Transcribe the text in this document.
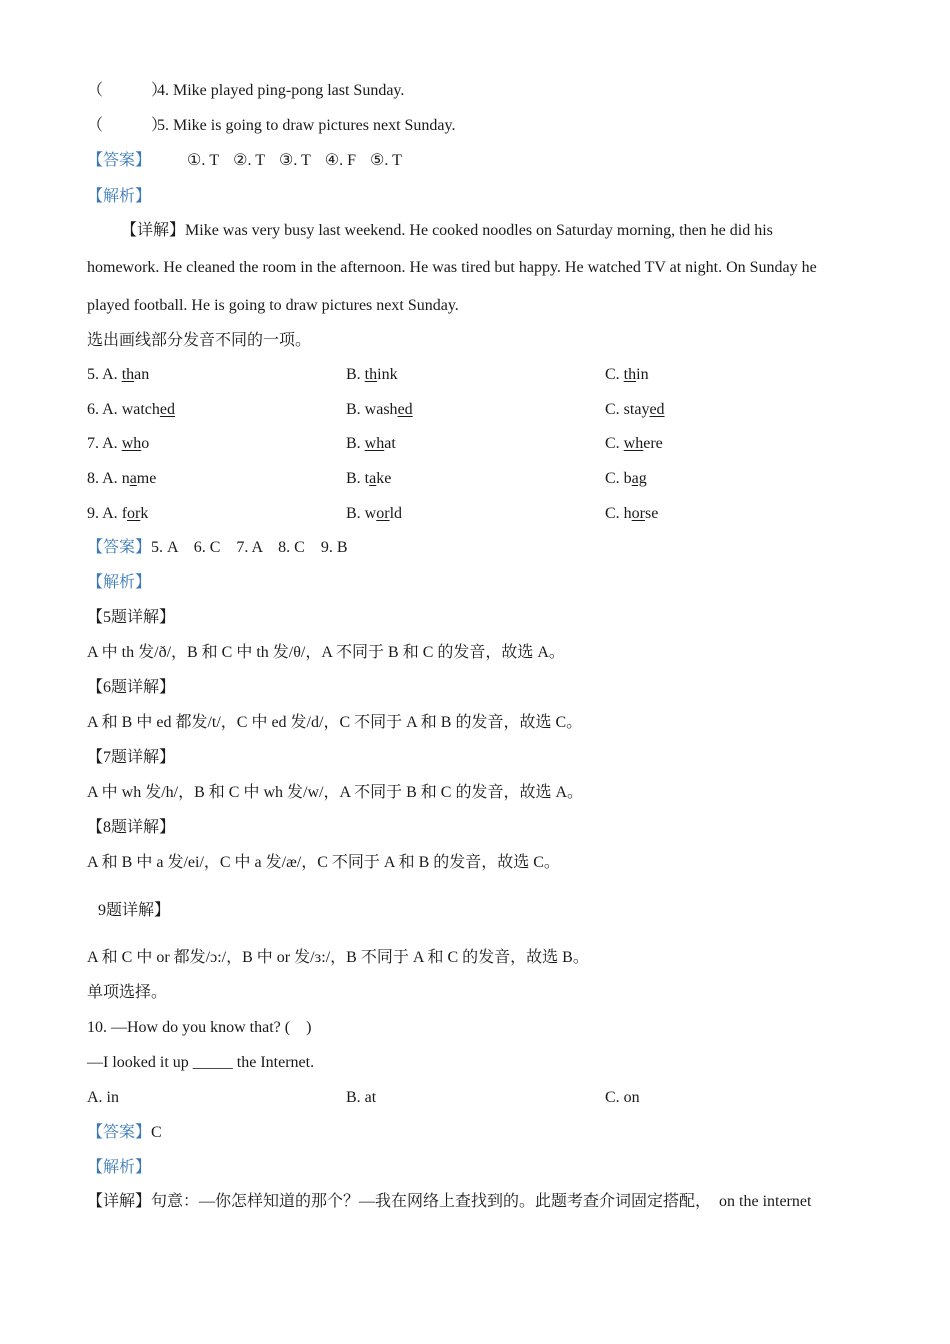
（　　　）4. Mike played ping-pong last Sunday.
（　　　）5. Mike is going to draw pictures next Sunday.
【答案】 ①. T ②. T ③. T ④. F ⑤. T
【解析】
【详解】Mike was very busy last weekend. He cooked noodles on Saturday morning, then he did his
homework. He cleaned the room in the afternoon. He was tired but happy. He watched TV at night. On Sunday he
played football. He is going to draw pictures next Sunday.
选出画线部分发音不同的一项。
5. A. than	B. think	C. thin
6. A. watched	B. washed	C. stayed
7. A. who	B. what	C. where
8. A. name	B. take	C. bag
9. A. fork	B. world	C. horse
【答案】5. A　6. C　7. A　8. C　9. B
【解析】
【5题详解】
A 中 th 发/ð/，B 和 C 中 th 发/θ/，A 不同于 B 和 C 的发音，故选 A。
【6题详解】
A 和 B 中 ed 都发/t/，C 中 ed 发/d/，C 不同于 A 和 B 的发音，故选 C。
【7题详解】
A 中 wh 发/h/，B 和 C 中 wh 发/w/，A 不同于 B 和 C 的发音，故选 A。
【8题详解】
A 和 B 中 a 发/ei/，C 中 a 发/æ/，C 不同于 A 和 B 的发音，故选 C。
9题详解】
A 和 C 中 or 都发/ɔ:/，B 中 or 发/ɜ:/，B 不同于 A 和 C 的发音，故选 B。
单项选择。
10. —How do you know that? (　)
—I looked it up _____ the Internet.
A. in	B. at	C. on
【答案】C
【解析】
【详解】句意：—你怎样知道的那个？—我在网络上查找到的。此题考查介词固定搭配，　on the internet
